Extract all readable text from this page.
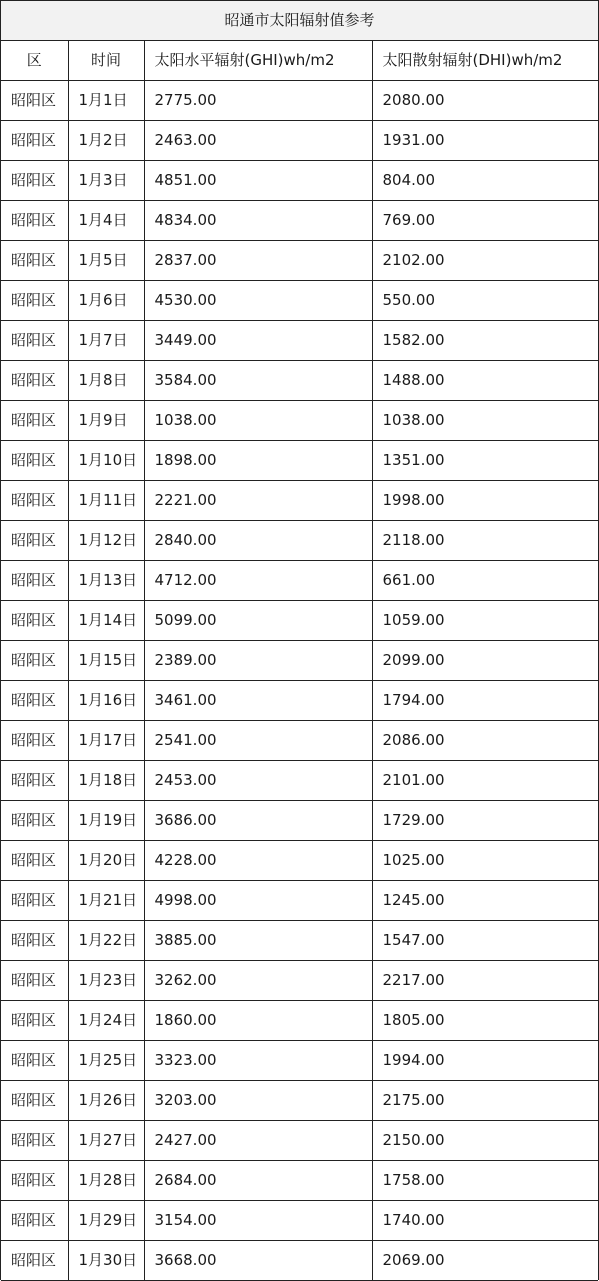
昭通市太阳辐射值参考			
区	时间	太阳水平辐射(GHI)wh/m2	太阳散射辐射(DHI)wh/m2
昭阳区	1月1日	2775.00	2080.00
昭阳区	1月2日	2463.00	1931.00
昭阳区	1月3日	4851.00	804.00
昭阳区	1月4日	4834.00	769.00
昭阳区	1月5日	2837.00	2102.00
昭阳区	1月6日	4530.00	550.00
昭阳区	1月7日	3449.00	1582.00
昭阳区	1月8日	3584.00	1488.00
昭阳区	1月9日	1038.00	1038.00
昭阳区	1月10日	1898.00	1351.00
昭阳区	1月11日	2221.00	1998.00
昭阳区	1月12日	2840.00	2118.00
昭阳区	1月13日	4712.00	661.00
昭阳区	1月14日	5099.00	1059.00
昭阳区	1月15日	2389.00	2099.00
昭阳区	1月16日	3461.00	1794.00
昭阳区	1月17日	2541.00	2086.00
昭阳区	1月18日	2453.00	2101.00
昭阳区	1月19日	3686.00	1729.00
昭阳区	1月20日	4228.00	1025.00
昭阳区	1月21日	4998.00	1245.00
昭阳区	1月22日	3885.00	1547.00
昭阳区	1月23日	3262.00	2217.00
昭阳区	1月24日	1860.00	1805.00
昭阳区	1月25日	3323.00	1994.00
昭阳区	1月26日	3203.00	2175.00
昭阳区	1月27日	2427.00	2150.00
昭阳区	1月28日	2684.00	1758.00
昭阳区	1月29日	3154.00	1740.00
昭阳区	1月30日	3668.00	2069.00
